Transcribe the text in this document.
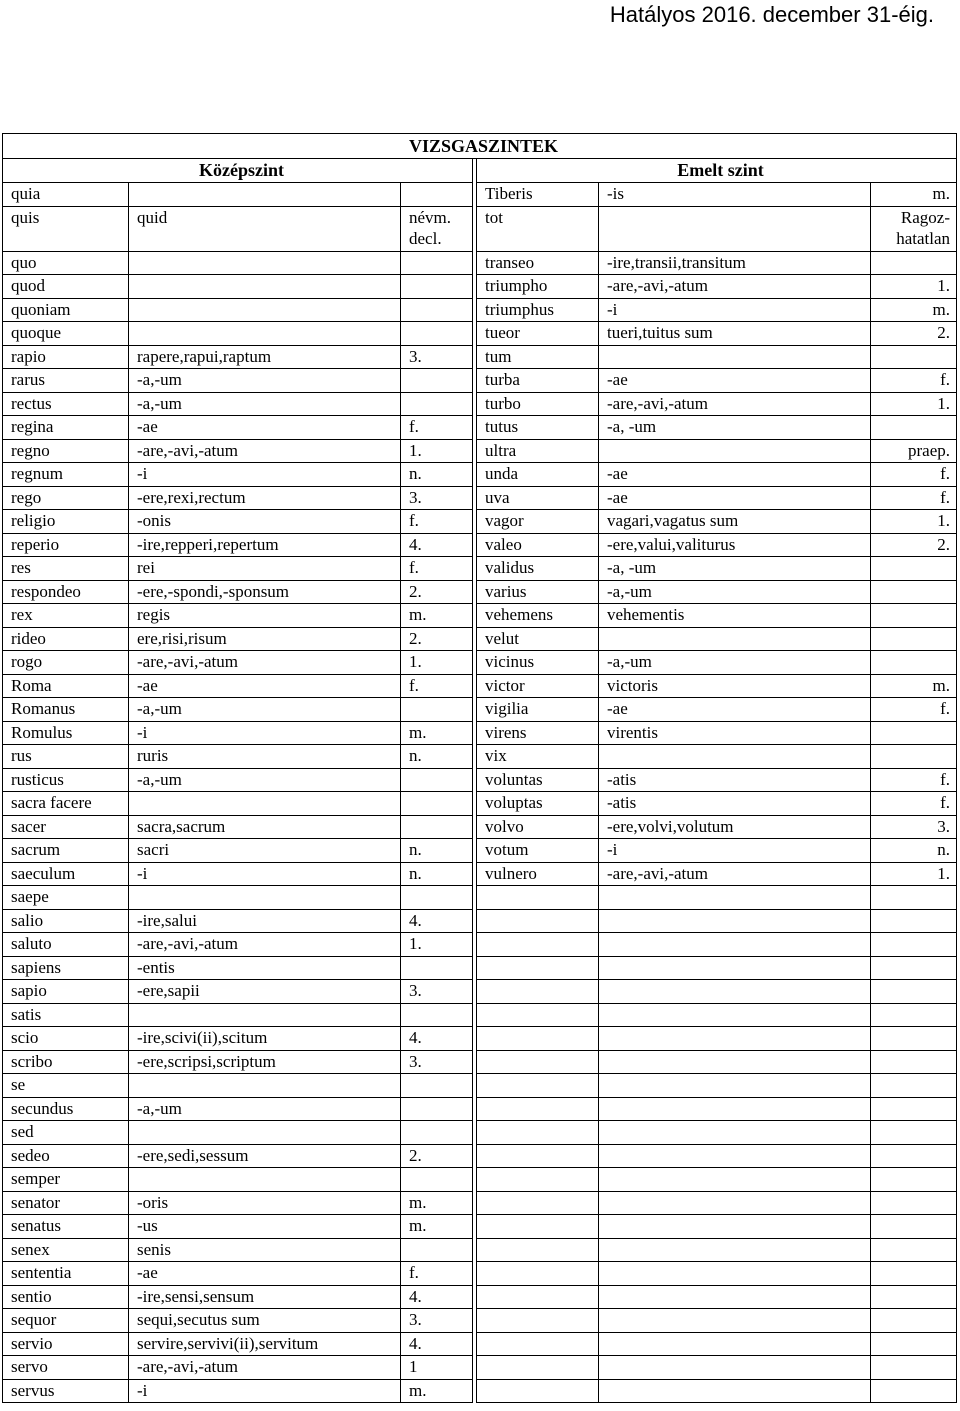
Hatályos 2016. december 31-éig.
VIZSGASZINTEK						
Középszint				Emelt szint		
quia				Tiberis	-is	m.
quis	quid	névm. decl.		tot		Ragoz-hatatlan
quo				transeo	-ire,transii,transitum	
quod				triumpho	-are,-avi,-atum	1.
quoniam				triumphus	-i	m.
quoque				tueor	tueri,tuitus sum	2.
rapio	rapere,rapui,raptum	3.		tum		
rarus	-a,-um			turba	-ae	f.
rectus	-a,-um			turbo	-are,-avi,-atum	1.
regina	-ae	f.		tutus	-a, -um	
regno	-are,-avi,-atum	1.		ultra		praep.
regnum	-i	n.		unda	-ae	f.
rego	-ere,rexi,rectum	3.		uva	-ae	f.
religio	-onis	f.		vagor	vagari,vagatus sum	1.
reperio	-ire,repperi,repertum	4.		valeo	-ere,valui,valiturus	2.
res	rei	f.		validus	-a, -um	
respondeo	-ere,-spondi,-sponsum	2.		varius	-a,-um	
rex	regis	m.		vehemens	vehementis	
rideo	ere,risi,risum	2.		velut		
rogo	-are,-avi,-atum	1.		vicinus	-a,-um	
Roma	-ae	f.		victor	victoris	m.
Romanus	-a,-um			vigilia	-ae	f.
Romulus	-i	m.		virens	virentis	
rus	ruris	n.		vix		
rusticus	-a,-um			voluntas	-atis	f.
sacra facere				voluptas	-atis	f.
sacer	sacra,sacrum			volvo	-ere,volvi,volutum	3.
sacrum	sacri	n.		votum	-i	n.
saeculum	-i	n.		vulnero	-are,-avi,-atum	1.
saepe						
salio	-ire,salui	4.				
saluto	-are,-avi,-atum	1.				
sapiens	-entis					
sapio	-ere,sapii	3.				
satis						
scio	-ire,scivi(ii),scitum	4.				
scribo	-ere,scripsi,scriptum	3.				
se						
secundus	-a,-um					
sed						
sedeo	-ere,sedi,sessum	2.				
semper						
senator	-oris	m.				
senatus	-us	m.				
senex	senis					
sententia	-ae	f.				
sentio	-ire,sensi,sensum	4.				
sequor	sequi,secutus sum	3.				
servio	servire,servivi(ii),servitum	4.				
servo	-are,-avi,-atum	1				
servus	-i	m.				
